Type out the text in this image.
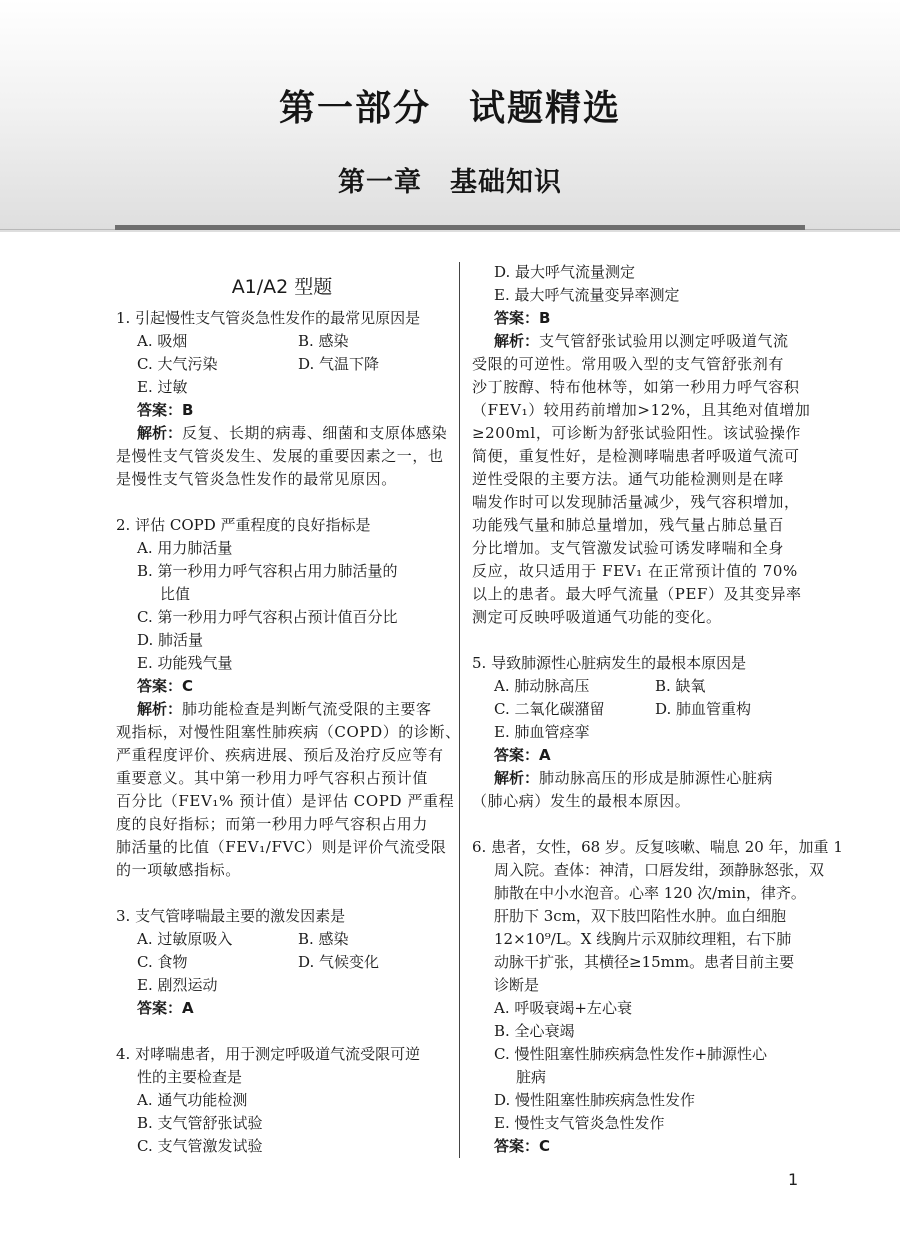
第一部分　试题精选
第一章　基础知识
A1/A2 型题
1. 引起慢性支气管炎急性发作的最常见原因是
A. 吸烟	B. 感染
C. 大气污染	D. 气温下降
E. 过敏
答案：B
解析：反复、长期的病毒、细菌和支原体感染
是慢性支气管炎发生、发展的重要因素之一，也
是慢性支气管炎急性发作的最常见原因。
2. 评估 COPD 严重程度的良好指标是
A. 用力肺活量
B. 第一秒用力呼气容积占用力肺活量的
比值
C. 第一秒用力呼气容积占预计值百分比
D. 肺活量
E. 功能残气量
答案：C
解析：肺功能检查是判断气流受限的主要客
观指标，对慢性阻塞性肺疾病（COPD）的诊断、
严重程度评价、疾病进展、预后及治疗反应等有
重要意义。其中第一秒用力呼气容积占预计值
百分比（FEV₁% 预计值）是评估 COPD 严重程
度的良好指标；而第一秒用力呼气容积占用力
肺活量的比值（FEV₁/FVC）则是评价气流受限
的一项敏感指标。
3. 支气管哮喘最主要的激发因素是
A. 过敏原吸入	B. 感染
C. 食物	D. 气候变化
E. 剧烈运动
答案：A
4. 对哮喘患者，用于测定呼吸道气流受限可逆
性的主要检查是
A. 通气功能检测
B. 支气管舒张试验
C. 支气管激发试验
D. 最大呼气流量测定
E. 最大呼气流量变异率测定
答案：B
解析：支气管舒张试验用以测定呼吸道气流
受限的可逆性。常用吸入型的支气管舒张剂有
沙丁胺醇、特布他林等，如第一秒用力呼气容积
（FEV₁）较用药前增加>12%，且其绝对值增加
≥200ml，可诊断为舒张试验阳性。该试验操作
简便，重复性好，是检测哮喘患者呼吸道气流可
逆性受限的主要方法。通气功能检测则是在哮
喘发作时可以发现肺活量减少，残气容积增加，
功能残气量和肺总量增加，残气量占肺总量百
分比增加。支气管激发试验可诱发哮喘和全身
反应，故只适用于 FEV₁ 在正常预计值的 70%
以上的患者。最大呼气流量（PEF）及其变异率
测定可反映呼吸道通气功能的变化。
5. 导致肺源性心脏病发生的最根本原因是
A. 肺动脉高压	B. 缺氧
C. 二氧化碳潴留	D. 肺血管重构
E. 肺血管痉挛
答案：A
解析：肺动脉高压的形成是肺源性心脏病
（肺心病）发生的最根本原因。
6. 患者，女性，68 岁。反复咳嗽、喘息 20 年，加重 1
周入院。查体：神清，口唇发绀，颈静脉怒张，双
肺散在中小水泡音。心率 120 次/min，律齐。
肝肋下 3cm，双下肢凹陷性水肿。血白细胞
12×10⁹/L。X 线胸片示双肺纹理粗，右下肺
动脉干扩张，其横径≥15mm。患者目前主要
诊断是
A. 呼吸衰竭+左心衰
B. 全心衰竭
C. 慢性阻塞性肺疾病急性发作+肺源性心
脏病
D. 慢性阻塞性肺疾病急性发作
E. 慢性支气管炎急性发作
答案：C
1
